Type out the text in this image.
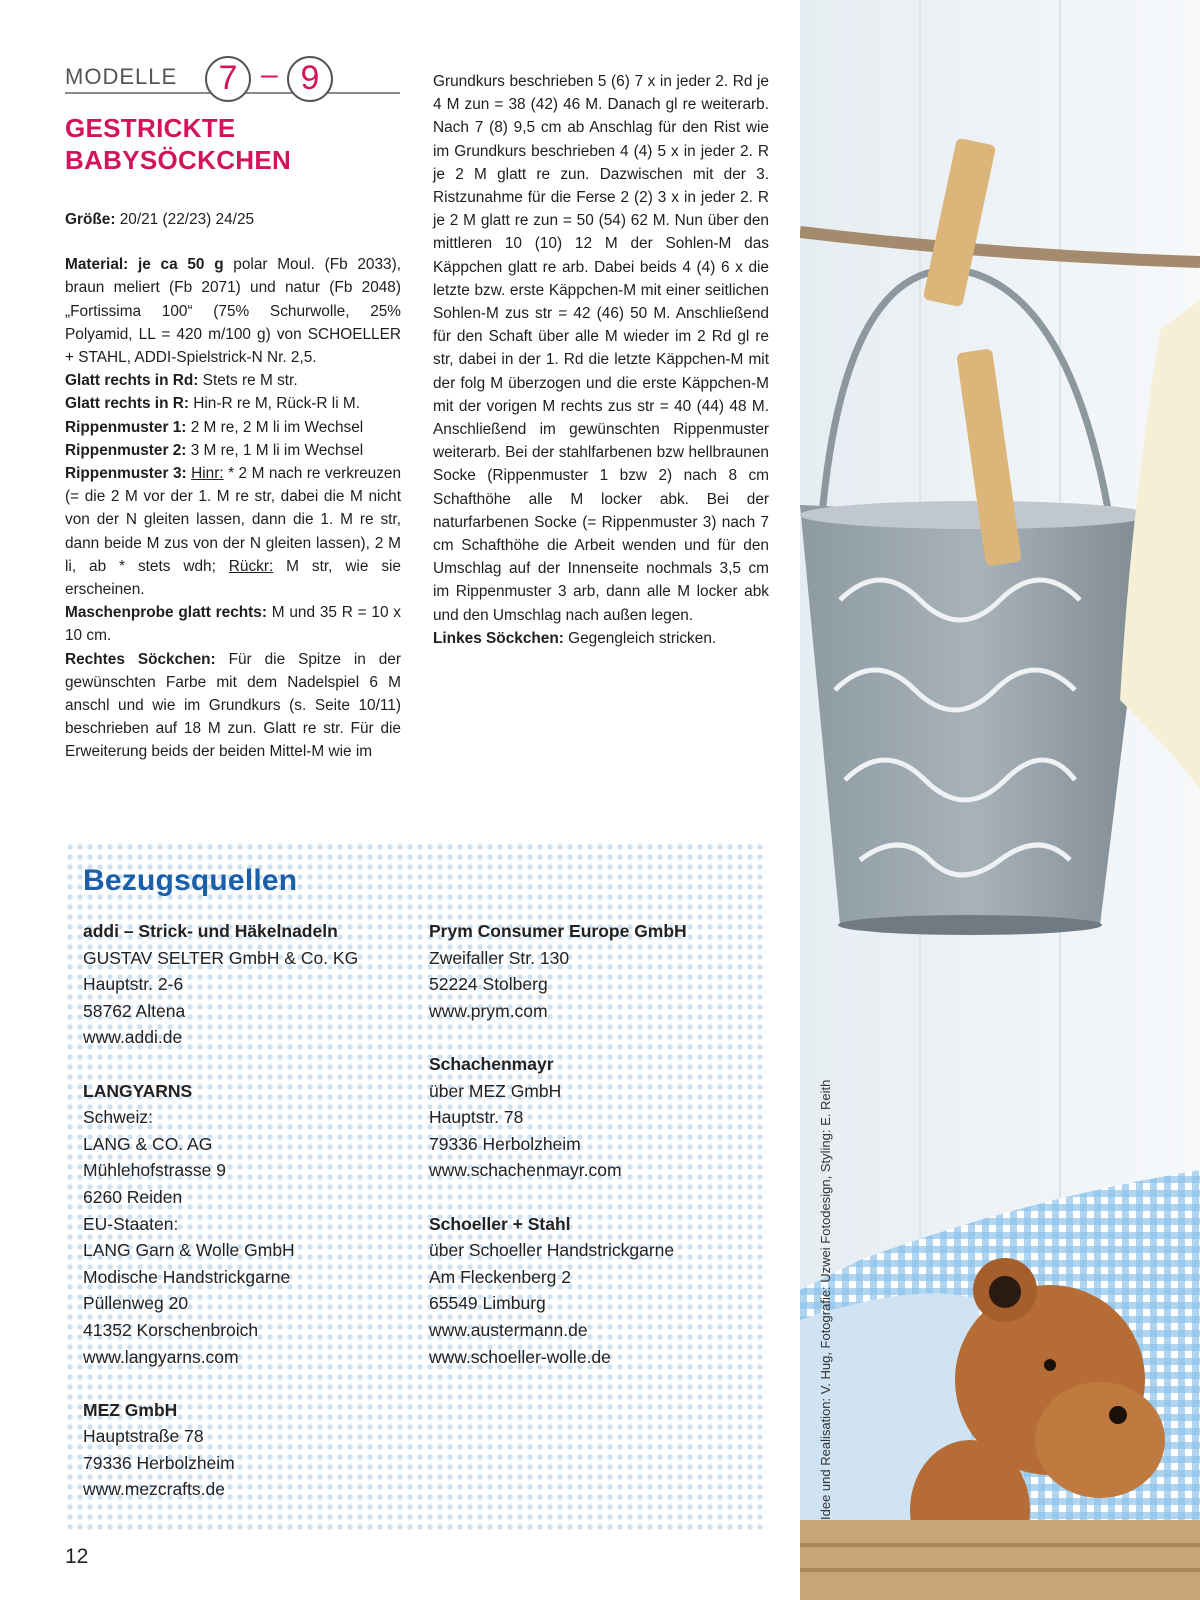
MODELLE	7 – 9
GESTRICKTE
BABYSÖCKCHEN

Größe: 20/21 (22/23) 24/25

Material: je ca 50 g polar Moul. (Fb 2033), braun meliert (Fb 2071) und natur (Fb 2048) „Fortissima 100“ (75% Schurwolle, 25% Polyamid, LL = 420 m/100 g) von SCHOELLER + STAHL, ADDI-Spielstrick-N Nr. 2,5.

Glatt rechts in Rd: Stets re M str.

Glatt rechts in R: Hin-R re M, Rück-R li M.

Rippenmuster 1: 2 M re, 2 M li im Wechsel

Rippenmuster 2: 3 M re, 1 M li im Wechsel

Rippenmuster 3: Hinr: * 2 M nach re verkreuzen (= die 2 M vor der 1. M re str, dabei die M nicht von der N gleiten lassen, dann die 1. M re str, dann beide M zus von der N gleiten lassen), 2 M li, ab * stets wdh; Rückr: M str, wie sie erscheinen.

Maschenprobe glatt rechts: M und 35 R = 10 x 10 cm.

Rechtes Söckchen: Für die Spitze in der gewünschten Farbe mit dem Nadelspiel 6 M anschl und wie im Grundkurs (s. Seite 10/11) beschrieben auf 18 M zun. Glatt re str. Für die Erweiterung beids der beiden Mittel-M wie im

Grundkurs beschrieben 5 (6) 7 x in jeder 2. Rd je 4 M zun = 38 (42) 46 M. Danach gl re weiterarb. Nach 7 (8) 9,5 cm ab Anschlag für den Rist wie im Grundkurs beschrieben 4 (4) 5 x in jeder 2. R je 2 M glatt re zun. Dazwischen mit der 3. Ristzunahme für die Ferse 2 (2) 3 x in jeder 2. R je 2 M glatt re zun = 50 (54) 62 M. Nun über den mittleren 10 (10) 12 M der Sohlen-M das Käppchen glatt re arb. Dabei beids 4 (4) 6 x die letzte bzw. erste Käppchen-M mit einer seitlichen Sohlen-M zus str = 42 (46) 50 M. Anschließend für den Schaft über alle M wieder im 2 Rd gl re str, dabei in der 1. Rd die letzte Käppchen-M mit der folg M überzogen und die erste Käppchen-M mit der vorigen M rechts zus str = 40 (44) 48 M. Anschließend im gewünschten Rippenmuster weiterarb. Bei der stahlfarbenen bzw hellbraunen Socke (Rippenmuster 1 bzw 2) nach 8 cm Schafthöhe alle M locker abk. Bei der naturfarbenen Socke (= Rippenmuster 3) nach 7 cm Schafthöhe die Arbeit wenden und für den Umschlag auf der Innenseite nochmals 3,5 cm im Rippenmuster 3 arb, dann alle M locker abk und den Umschlag nach außen legen.

Linkes Söckchen: Gegengleich stricken.

Bezugsquellen
addi – Strick- und Häkelnadeln
GUSTAV SELTER GmbH & Co. KG
Hauptstr. 2-6
58762 Altena
www.addi.de
LANGYARNS
Schweiz:
LANG & CO. AG
Mühlehofstrasse 9
6260 Reiden
EU-Staaten:
LANG Garn & Wolle GmbH
Modische Handstrickgarne
Püllenweg 20
41352 Korschenbroich
www.langyarns.com
MEZ GmbH
Hauptstraße 78
79336 Herbolzheim
www.mezcrafts.de
Prym Consumer Europe GmbH
Zweifaller Str. 130
52224 Stolberg
www.prym.com
Schachenmayr
über MEZ GmbH
Hauptstr. 78
79336 Herbolzheim
www.schachenmayr.com
Schoeller + Stahl
über Schoeller Handstrickgarne
Am Fleckenberg 2
65549 Limburg
www.austermann.de
www.schoeller-wolle.de
12
Idee und Realisation: V. Hug, Fotografie: Uzwei Fotodesign, Styling: E. Reith
